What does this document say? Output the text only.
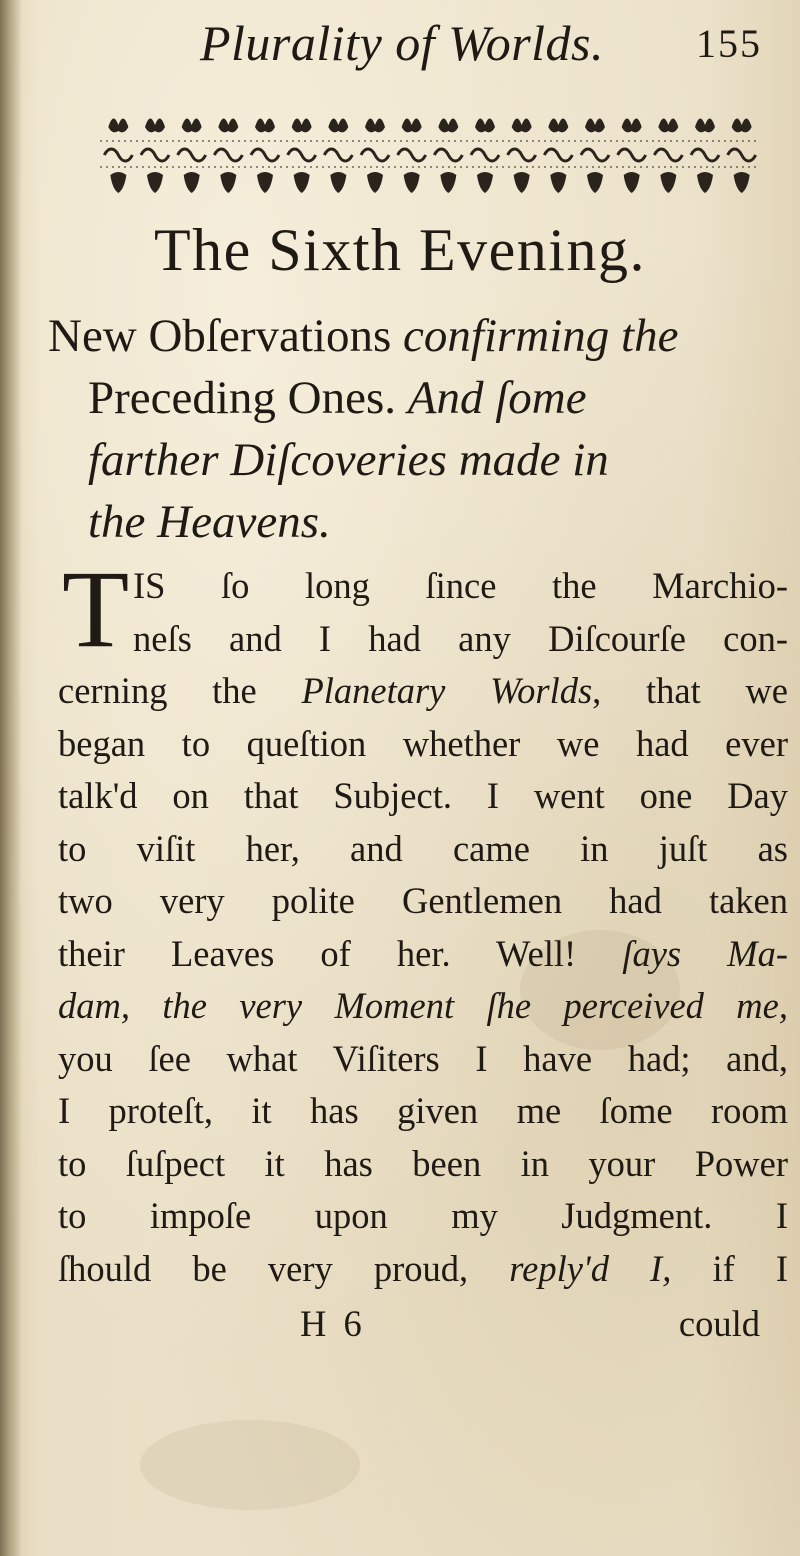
Plurality of Worlds. 155
The Sixth Evening.
New Obſervations confirming the
Preceding Ones. And ſome
farther Diſcoveries made in
the Heavens.
T IS ſo long ſince the Marchio-
neſs and I had any Diſcourſe con-
cerning the Planetary Worlds, that we
began to queſtion whether we had ever
talk'd on that Subject. I went one Day
to viſit her, and came in juſt as
two very polite Gentlemen had taken
their Leaves of her. Well! ſays Ma-
dam, the very Moment ſhe perceived me,
you ſee what Viſiters I have had; and,
I proteſt, it has given me ſome room
to ſuſpect it has been in your Power
to impoſe upon my Judgment. I
ſhould be very proud, reply'd I, if I
H 6	could
